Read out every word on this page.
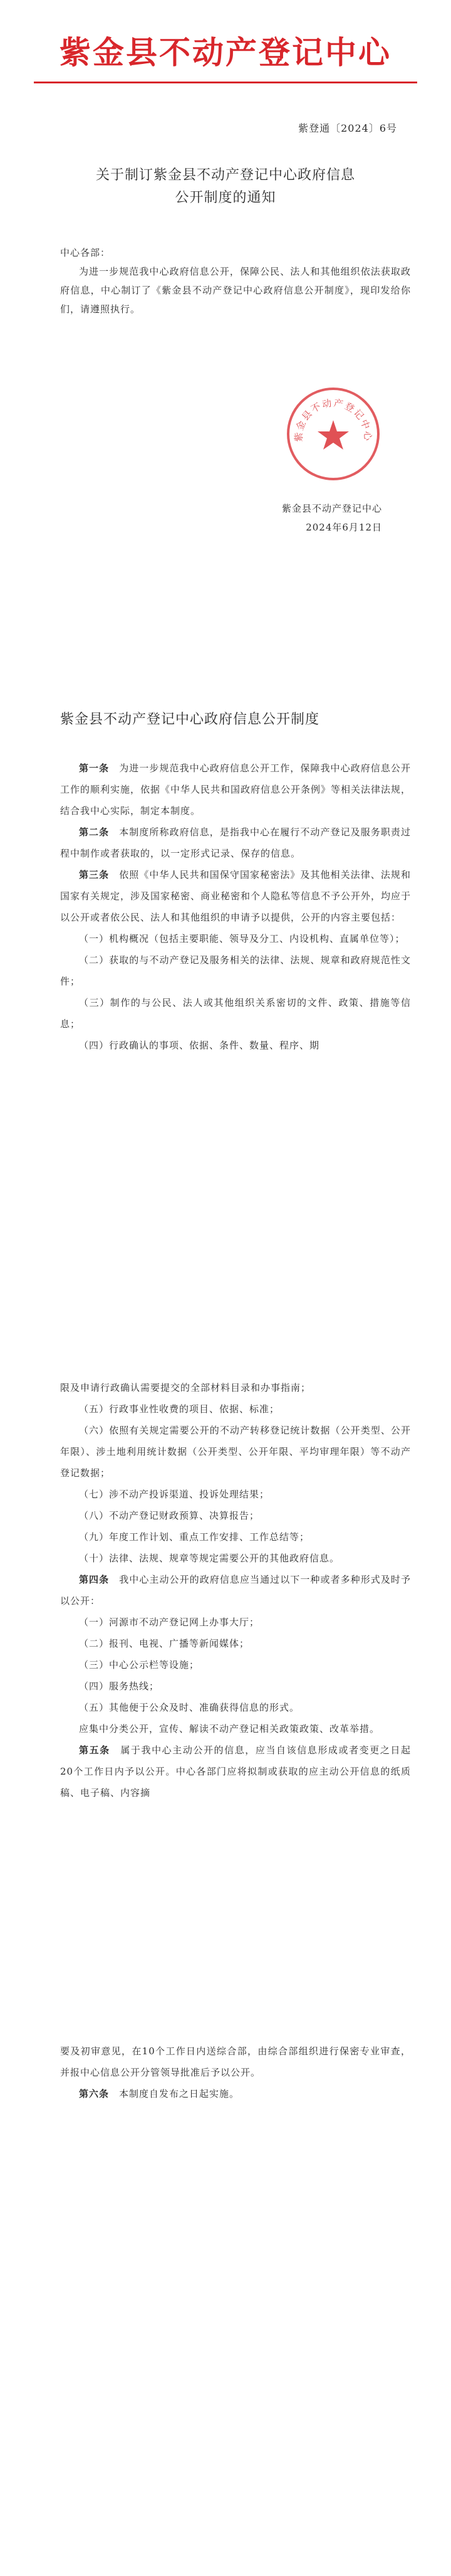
紫金县不动产登记中心
紫登通〔2024〕6号
关于制订紫金县不动产登记中心政府信息
公开制度的通知
中心各部：
为进一步规范我中心政府信息公开，保障公民、法人和其他组织依法获取政府信息，中心制订了《紫金县不动产登记中心政府信息公开制度》，现印发给你们，请遵照执行。
紫金县不动产登记中心
紫金县不动产登记中心
2024年6月12日
紫金县不动产登记中心政府信息公开制度

第一条　 为进一步规范我中心政府信息公开工作，保障我中心政府信息公开工作的顺利实施，依据《中华人民共和国政府信息公开条例》等相关法律法规，结合我中心实际，制定本制度。

第二条　 本制度所称政府信息，是指我中心在履行不动产登记及服务职责过程中制作或者获取的，以一定形式记录、保存的信息。

第三条　 依照《中华人民共和国保守国家秘密法》及其他相关法律、法规和国家有关规定，涉及国家秘密、商业秘密和个人隐私等信息不予公开外，均应于以公开或者依公民、法人和其他组织的申请予以提供，公开的内容主要包括：

（一）机构概况（包括主要职能、领导及分工、内设机构、直属单位等）；

（二）获取的与不动产登记及服务相关的法律、法规、规章和政府规范性文件；

（三）制作的与公民、法人或其他组织关系密切的文件、政策、措施等信息；

（四）行政确认的事项、依据、条件、数量、程序、期

限及申请行政确认需要提交的全部材料目录和办事指南；

（五）行政事业性收费的项目、依据、标准；

（六）依照有关规定需要公开的不动产转移登记统计数据（公开类型、公开年限）、涉土地利用统计数据（公开类型、公开年限、平均审理年限）等不动产登记数据；

（七）涉不动产投诉渠道、投诉处理结果；

（八）不动产登记财政预算、决算报告；

（九）年度工作计划、重点工作安排、工作总结等；

（十）法律、法规、规章等规定需要公开的其他政府信息。

第四条　 我中心主动公开的政府信息应当通过以下一种或者多种形式及时予以公开：

（一）河源市不动产登记网上办事大厅；

（二）报刊、电视、广播等新闻媒体；

（三）中心公示栏等设施；

（四）服务热线；

（五）其他便于公众及时、准确获得信息的形式。

应集中分类公开，宣传、解读不动产登记相关政策政策、改革举措。

第五条　 属于我中心主动公开的信息，应当自该信息形成或者变更之日起20个工作日内予以公开。中心各部门应将拟制或获取的应主动公开信息的纸质稿、电子稿、内容摘

要及初审意见，在10个工作日内送综合部，由综合部组织进行保密专业审查，并报中心信息公开分管领导批准后予以公开。

第六条　 本制度自发布之日起实施。
